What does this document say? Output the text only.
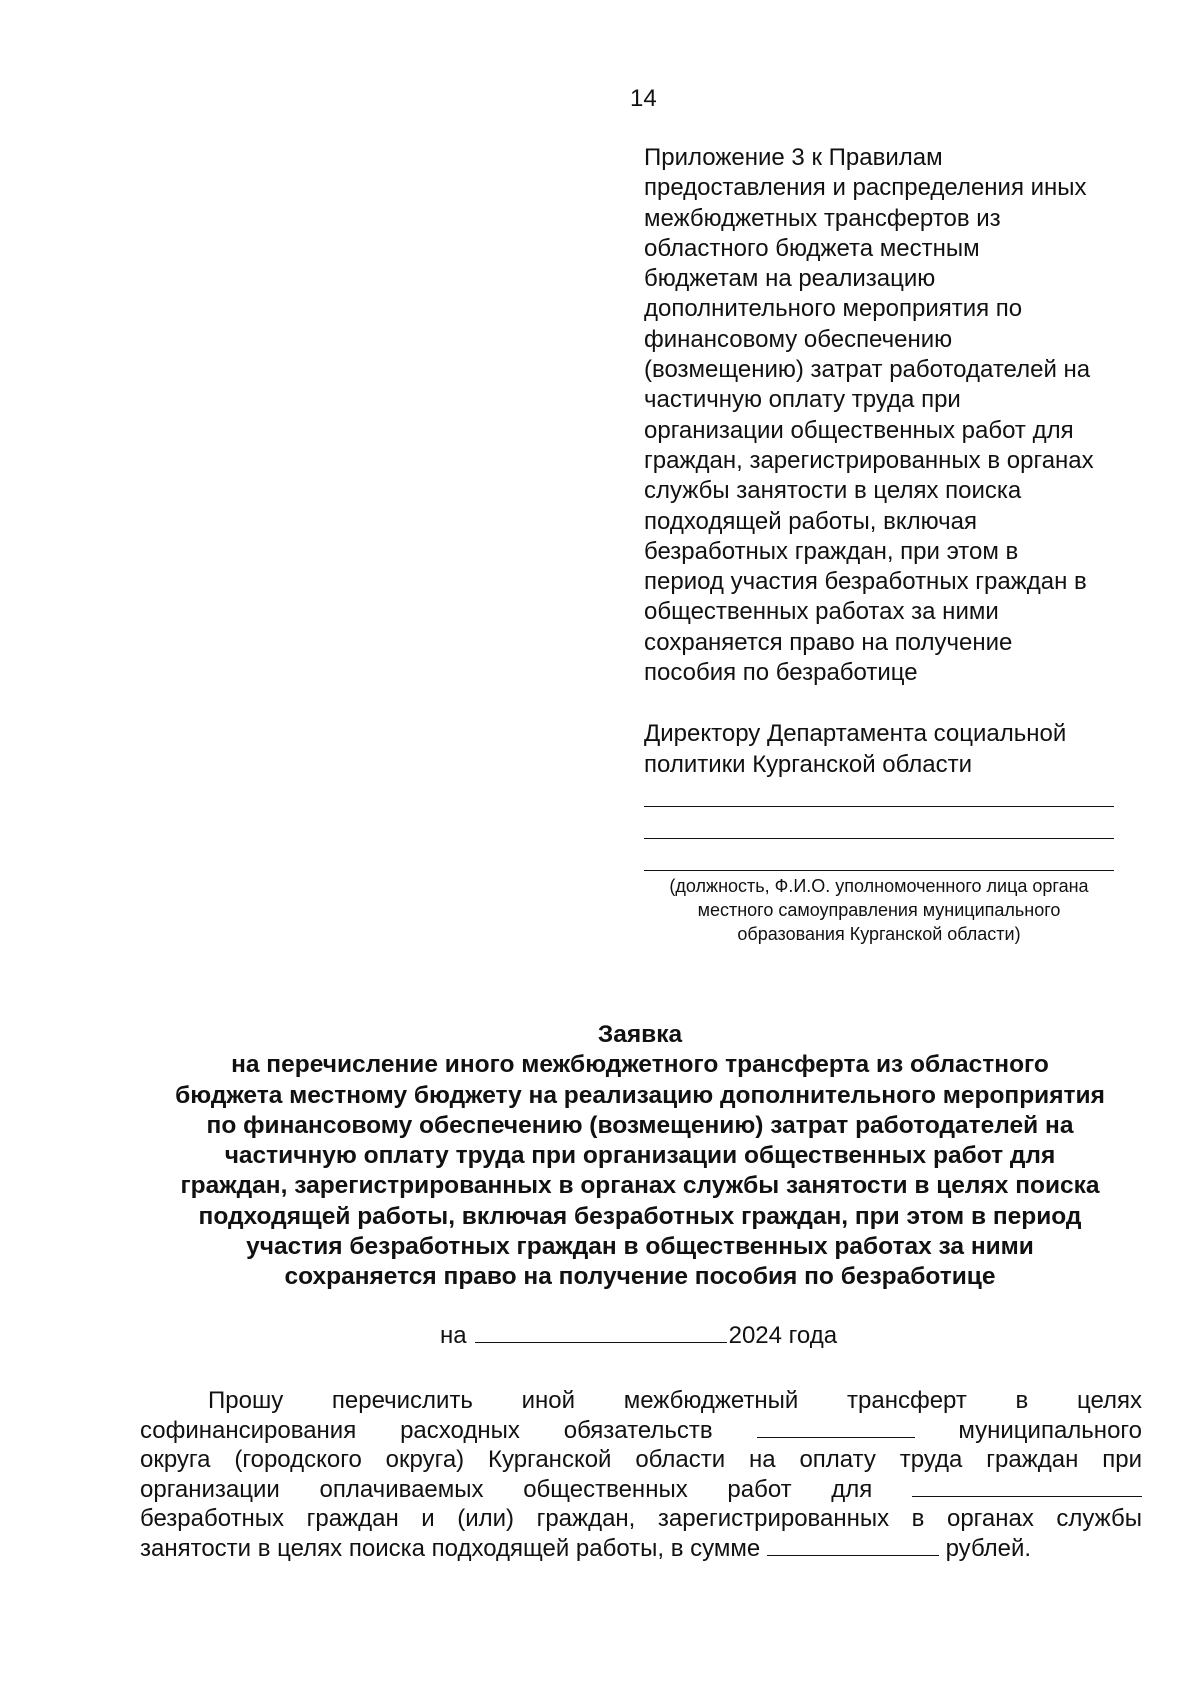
14
Приложение 3 к Правилам
предоставления и распределения иных
межбюджетных трансфертов из
областного бюджета местным
бюджетам на реализацию
дополнительного мероприятия по
финансовому обеспечению
(возмещению) затрат работодателей на
частичную оплату труда при
организации общественных работ для
граждан, зарегистрированных в органах
службы занятости в целях поиска
подходящей работы, включая
безработных граждан, при этом в
период участия безработных граждан в
общественных работах за ними
сохраняется право на получение
пособия по безработице
Директору Департамента социальной
политики Курганской области
(должность, Ф.И.О. уполномоченного лица органа
местного самоуправления муниципального
образования Курганской области)
Заявка
на перечисление иного межбюджетного трансферта из областного
бюджета местному бюджету на реализацию дополнительного мероприятия
по финансовому обеспечению (возмещению) затрат работодателей на
частичную оплату труда при организации общественных работ для
граждан, зарегистрированных в органах службы занятости в целях поиска
подходящей работы, включая безработных граждан, при этом в период
участия безработных граждан в общественных работах за ними
сохраняется право на получение пособия по безработице
на	2024 года
Прошу перечислить иной межбюджетный трансферт в целях
софинансирования расходных обязательств	муниципального
округа (городского округа) Курганской области на оплату труда граждан при
организации оплачиваемых общественных работ для
безработных граждан и (или) граждан, зарегистрированных в органах службы
занятости в целях поиска подходящей работы, в сумме	рублей.
